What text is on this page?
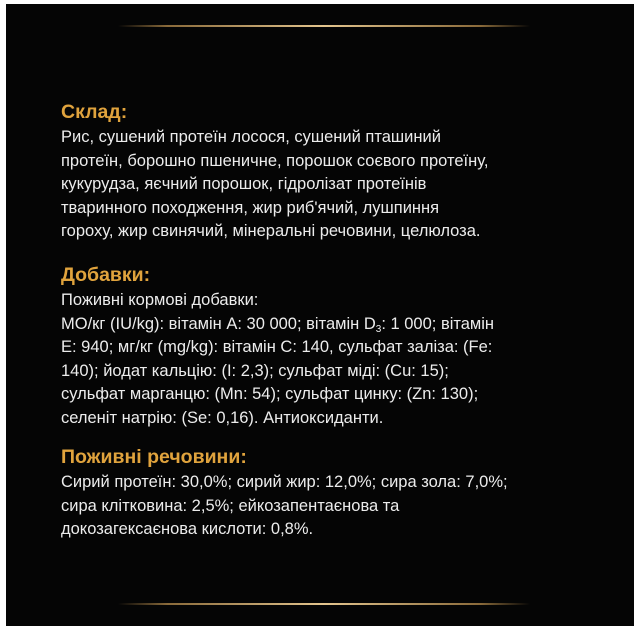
Склад:
Рис, сушений протеїн лосося, сушений пташиний
протеїн, борошно пшеничне, порошок соєвого протеїну,
кукурудза, яєчний порошок, гідролізат протеїнів
тваринного походження, жир риб'ячий, лушпиння
гороху, жир свинячий, мінеральні речовини, целюлоза.
Добавки:
Поживні кормові добавки:
МО/кг (IU/kg): вітамін А: 30 000; вітамін $D_3$: 1 000; вітамін
Е: 940; мг/кг (mg/kg): вітамін С: 140, сульфат заліза: (Fe:
140); йодат кальцію: (I: 2,3); сульфат міді: (Cu: 15);
сульфат марганцю: (Mn: 54); сульфат цинку: (Zn: 130);
селеніт натрію: (Se: 0,16). Антиоксиданти.
Поживні речовини:
Сирий протеїн: 30,0%; сирий жир: 12,0%; сира зола: 7,0%;
сира клітковина: 2,5%; ейкозапентаєнова та
докозагексаєнова кислоти: 0,8%.
